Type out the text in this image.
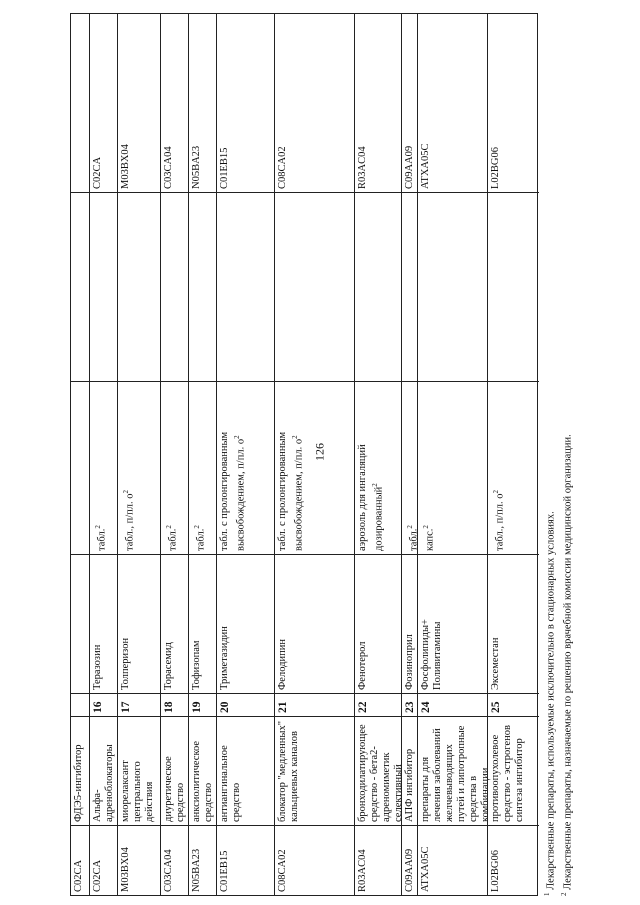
126
C02CA
ФДЭ5-ингибитор
C02CA
Альфа-адреноблокаторы
16
Теразозин
табл.$^2$
C02CA
M03BX04
миорелаксант центрального действия
17
Толперизон
табл., п/пл. $о^2$
M03BX04
C03CA04
диуретическое средство
18
Торасемид
табл.$^2$
C03CA04
N05BA23
анксиолитическое средство
19
Тофизопам
табл.$^2$
N05BA23
C01EB15
антиангинальное средство
20
Триметазидин
табл. с пролонгированным высвобождением, п/пл. $о^2$
C01EB15
C08CA02
блокатор "медленных" кальциевых каналов
21
Фелодипин
табл. с пролонгированным высвобождением, п/пл. $о^2$
C08CA02
R03AC04
бронходилатирующее средство - бета2-адреномиметик селективный
22
Фенотерол
аэрозоль для ингаляций дозированный$^2$
R03AC04
C09AA09
АПФ ингибитор
23
Фозиноприл
табл.$^2$
C09AA09
ATXA05C
препараты для лечения заболеваний желчевыводящих путей и липотропные средства в комбинации
24
Фосфолипиды+ Поливитамины
капс.$^2$
ATXA05C
L02BG06
противоопухолевое средство - эстрогенов синтеза ингибитор
25
Эксеместан
табл., п/пл. $о^2$
L02BG06
$^1$ Лекарственные препараты, используемые исключительно в стационарных условиях.
$^2$ Лекарственные препараты, назначаемые по решению врачебной комиссии медицинской организации.
